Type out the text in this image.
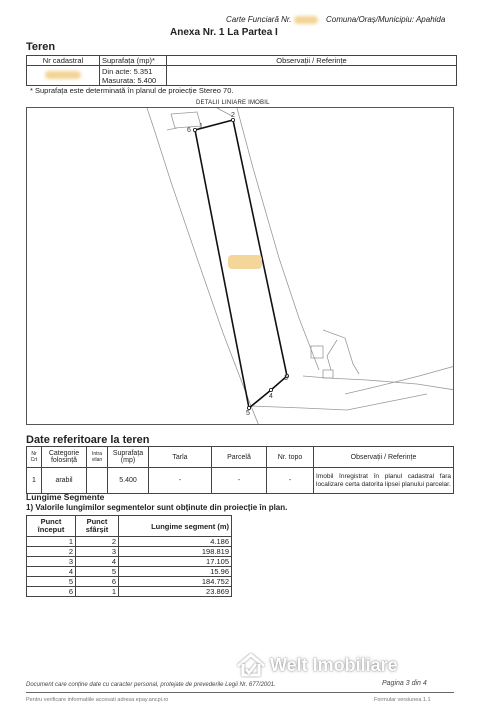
Carte Funciară Nr.	Comuna/Oraș/Municipiu: Apahida
Anexa Nr. 1 La Partea I
Teren
Nr cadastral	Suprafața (mp)*	Observații / Referințe

	Din acte: 5.351
Masurata: 5.400	

* Suprafața este determinată în planul de proiecție Stereo 70.
DETALII LINIARE IMOBIL
1
2
3
4
5
6
Date referitoare la teren
Nr Crt	Categorie folosință	Intra vilan	Suprafața (mp)	Tarla	Parcelă	Nr. topo	Observații / Referințe
1	arabil		5.400	-	-	-	Imobil înregistrat în planul cadastral fara localizare certa datorita lipsei planului parcelar.
Lungime Segmente
1) Valorile lungimilor segmentelor sunt obținute din proiecție în plan.
Punct început	Punct sfârșit	Lungime segment (m)
1	2	4.186
2	3	198.819
3	4	17.105
4	5	15.96
5	6	184.752
6	1	23.869
Welt Imobiliare
Document care conține date cu caracter personal, protejate de prevederile Legii Nr. 677/2001.	Pagina 3 din 4
Pentru verificare informatiile accesati adresa epay.ancpi.ro	Formular versiunea 1.1
